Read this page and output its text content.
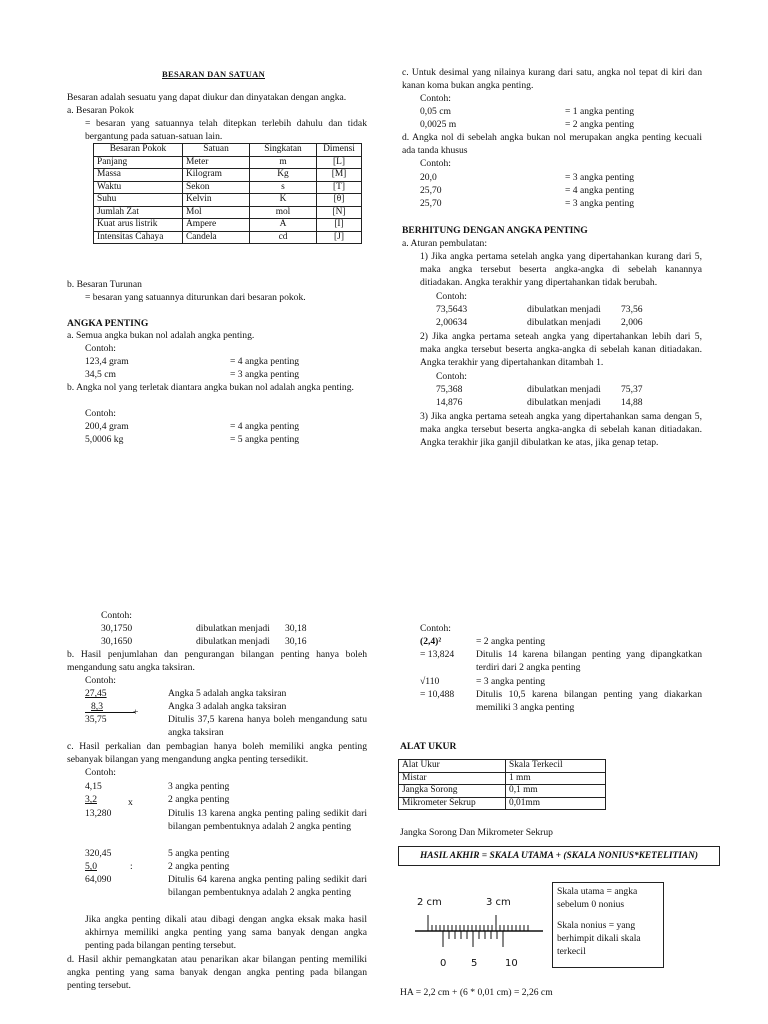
BESARAN DAN SATUAN
Besaran adalah sesuatu yang dapat diukur dan dinyatakan dengan angka.
a. Besaran Pokok
= besaran yang satuannya telah ditepkan terlebih dahulu dan tidak bergantung pada satuan-satuan lain.
Besaran Pokok	Satuan	Singkatan	Dimensi
Panjang	Meter	m	[L]
Massa	Kilogram	Kg	[M]
Waktu	Sekon	s	[T]
Suhu	Kelvin	K	[θ]
Jumlah Zat	Mol	mol	[N]
Kuat arus listrik	Ampere	A	[I]
Intensitas Cahaya	Candela	cd	[J]
b. Besaran Turunan
= besaran yang satuannya diturunkan dari besaran pokok.
ANGKA PENTING
a. Semua angka bukan nol adalah angka penting.
Contoh:
123,4 gram	= 4 angka penting
34,5 cm	= 3 angka penting
b. Angka nol yang terletak diantara angka bukan nol adalah angka penting.
Contoh:
200,4 gram	= 4 angka penting
5,0006 kg	= 5 angka penting
c. Untuk desimal yang nilainya kurang dari satu, angka nol tepat di kiri dan kanan koma bukan angka penting.
Contoh:
0,05 cm	= 1 angka penting
0,0025 m	= 2 angka penting
d. Angka nol di sebelah angka bukan nol merupakan angka penting kecuali ada tanda khusus
Contoh:
20,0	= 3 angka penting
25,70	= 4 angka penting
25,70	= 3 angka penting
BERHITUNG DENGAN ANGKA PENTING
a. Aturan pembulatan:
1) Jika angka pertama setelah angka yang dipertahankan kurang dari 5, maka angka tersebut beserta angka-angka di sebelah kanannya ditiadakan. Angka terakhir yang dipertahankan tidak berubah.
Contoh:
73,5643	dibulatkan menjadi 73,56
2,00634	dibulatkan menjadi 2,006
2) Jika angka pertama seteah angka yang dipertahankan lebih dari 5, maka angka tersebut beserta angka-angka di sebelah kanan ditiadakan. Angka terakhir yang dipertahankan ditambah 1.
Contoh:
75,368	dibulatkan menjadi 75,37
14,876	dibulatkan menjadi 14,88
3) Jika angka pertama seteah angka yang dipertahankan sama dengan 5, maka angka tersebut beserta angka-angka di sebelah kanan ditiadakan. Angka terakhir jika ganjil dibulatkan ke atas, jika genap tetap.
Contoh:
30,1750	dibulatkan menjadi 30,18
30,1650	dibulatkan menjadi 30,16
b. Hasil penjumlahan dan pengurangan bilangan penting hanya boleh mengandung satu angka taksiran.
Contoh:
27,45	Angka 5 adalah angka taksiran
8,3	Angka 3 adalah angka taksiran
+
35,75	Ditulis 37,5 karena hanya boleh mengandung satu angka taksiran
c. Hasil perkalian dan pembagian hanya boleh memiliki angka penting sebanyak bilangan yang mengandung angka penting tersedikit.
Contoh:
4,15	3 angka penting
3,2	2 angka penting
x
13,280	Ditulis 13 karena angka penting paling sedikit dari bilangan pembentuknya adalah 2 angka penting
320,45	5 angka penting
5,0	2 angka penting
:
64,090	Ditulis 64 karena angka penting paling sedikit dari bilangan pembentuknya adalah 2 angka penting
Jika angka penting dikali atau dibagi dengan angka eksak maka hasil akhirnya memiliki angka penting yang sama banyak dengan angka penting pada bilangan penting tersebut.
d. Hasil akhir pemangkatan atau penarikan akar bilangan penting memiliki angka penting yang sama banyak dengan angka penting pada bilangan penting tersebut.
Contoh:
(2,4)²	= 2 angka penting
= 13,824 Ditulis 14 karena bilangan penting yang dipangkatkan terdiri dari 2 angka penting
√110	= 3 angka penting
= 10,488 Ditulis 10,5 karena bilangan penting yang diakarkan memiliki 3 angka penting
ALAT UKUR
Alat Ukur	Skala Terkecil
Mistar	1 mm
Jangka Sorong	0,1 mm
Mikrometer Sekrup	0,01mm
Jangka Sorong Dan Mikrometer Sekrup
HASIL AKHIR = SKALA UTAMA + (SKALA NONIUS*KETELITIAN)
2 cm	3 cm
0 5	10
Skala utama = angka sebelum 0 nonius
Skala nonius = yang berhimpit dikali skala terkecil
HA = 2,2 cm + (6 * 0,01 cm) = 2,26 cm
